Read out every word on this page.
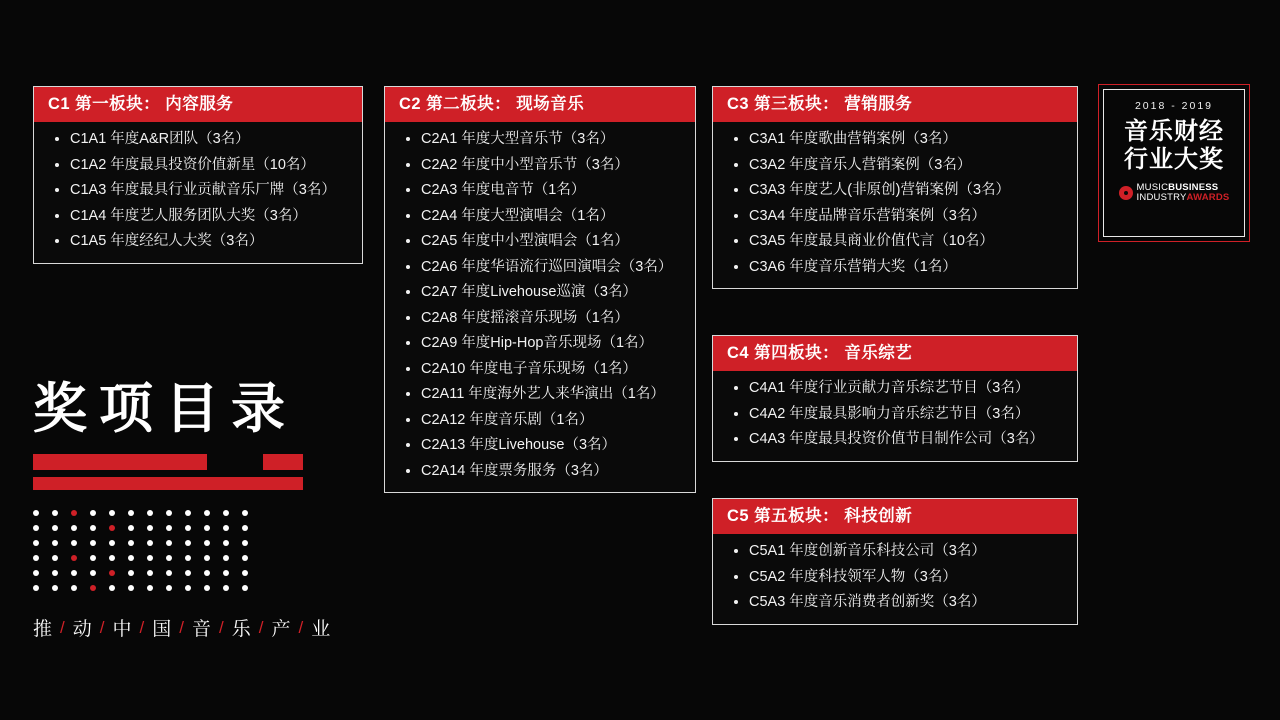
C1 第一板块： 内容服务
C1A1 年度A&R团队（3名）
C1A2 年度最具投资价值新星（10名）
C1A3 年度最具行业贡献音乐厂牌（3名）
C1A4 年度艺人服务团队大奖（3名）
C1A5 年度经纪人大奖（3名）
C2 第二板块： 现场音乐
C2A1 年度大型音乐节（3名）
C2A2 年度中小型音乐节（3名）
C2A3 年度电音节（1名）
C2A4 年度大型演唱会（1名）
C2A5 年度中小型演唱会（1名）
C2A6 年度华语流行巡回演唱会（3名）
C2A7 年度Livehouse巡演（3名）
C2A8 年度摇滚音乐现场（1名）
C2A9 年度Hip-Hop音乐现场（1名）
C2A10 年度电子音乐现场（1名）
C2A11 年度海外艺人来华演出（1名）
C2A12 年度音乐剧（1名）
C2A13 年度Livehouse（3名）
C2A14 年度票务服务（3名）
C3 第三板块： 营销服务
C3A1 年度歌曲营销案例（3名）
C3A2 年度音乐人营销案例（3名）
C3A3 年度艺人(非原创)营销案例（3名）
C3A4 年度品牌音乐营销案例（3名）
C3A5 年度最具商业价值代言（10名）
C3A6 年度音乐营销大奖（1名）
C4 第四板块： 音乐综艺
C4A1 年度行业贡献力音乐综艺节目（3名）
C4A2 年度最具影响力音乐综艺节目（3名）
C4A3 年度最具投资价值节目制作公司（3名）
C5 第五板块： 科技创新
C5A1 年度创新音乐科技公司（3名）
C5A2 年度科技领军人物（3名）
C5A3 年度音乐消费者创新奖（3名）
2018 - 2019
音乐财经
行业大奖
MUSICBUSINESS
INDUSTRYAWARDS
奖项目录
推 / 动 / 中 / 国 / 音 / 乐 / 产 / 业
